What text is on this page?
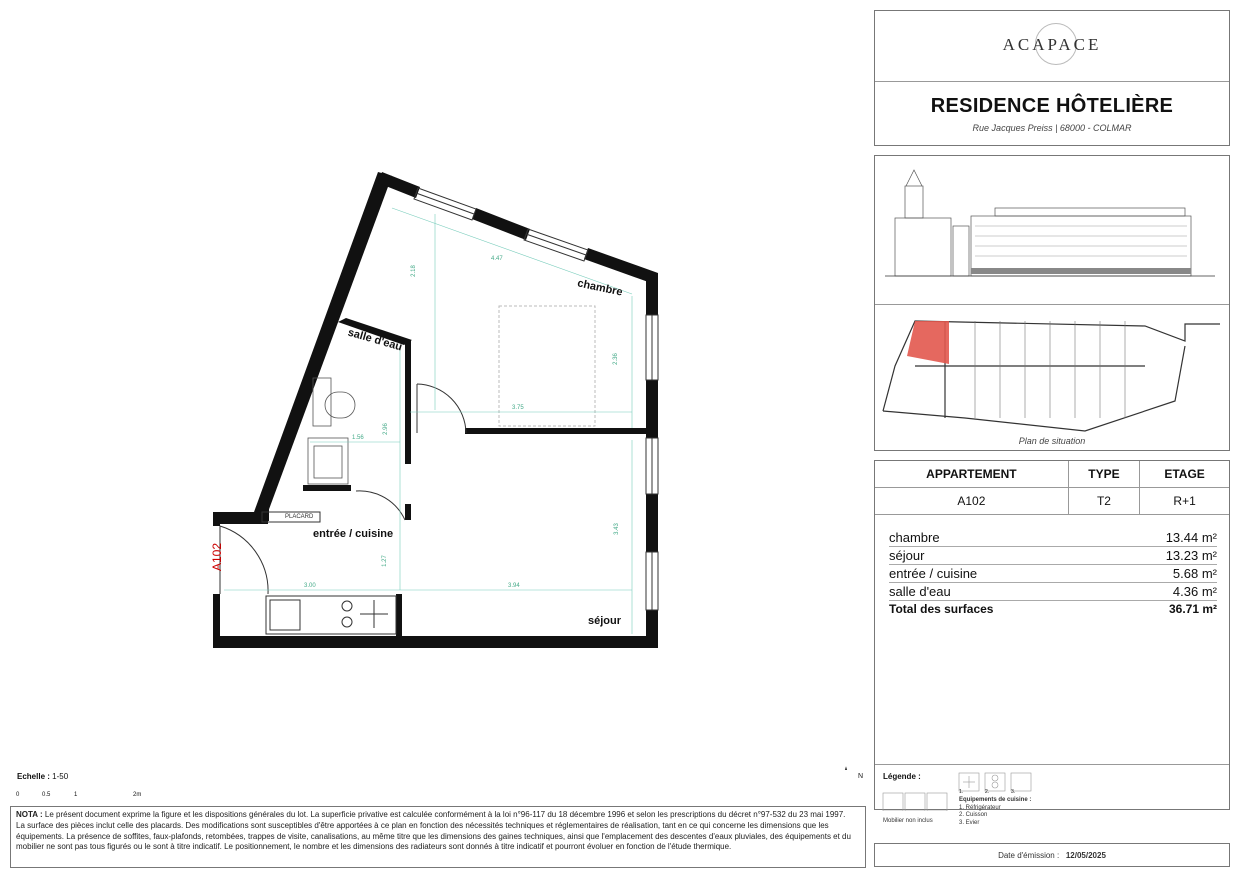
4.47
2.18
2.36
3.75
1.56
2.96
3.43
1.27
3.00	3.94
chambre
salle d'eau
entrée / cuisine
séjour
PLACARD
A102
N
Echelle : 1-50
0	0.5	1	2m
NOTA : Le présent document exprime la figure et les dispositions générales du lot. La superficie privative est calculée conformément à la loi n°96-117 du 18 décembre 1996 et selon les prescriptions du décret n°97-532 du 23 mai 1997. La surface des pièces inclut celle des placards. Des modifications sont susceptibles d'être apportées à ce plan en fonction des nécessités techniques et réglementaires de réalisation, tant en ce qui concerne les dimensions que les équipements. La présence de soffites, faux-plafonds, retombées, trappes de visite, canalisations, au même titre que les dimensions des gaines techniques, ainsi que l'emplacement des descentes d'eaux pluviales, des équipements et du mobilier ne sont pas tous figurés ou le sont à titre indicatif. Le positionnement, le nombre et les dimensions des radiateurs sont donnés à titre indicatif et pourront évoluer en fonction de l'étude thermique.
ACAPACE
RESIDENCE HÔTELIÈRE
Rue Jacques Preiss | 68000 - COLMAR
Plan de situation
APPARTEMENT	TYPE	ETAGE
A102	T2	R+1
chambre	13.44 m²
séjour	13.23 m²
entrée / cuisine	5.68 m²
salle d'eau	4.36 m²
Total des surfaces	36.71 m²
Légende :
1.	2.	3.
Mobilier non inclus
Equipements de cuisine :
1. Réfrigérateur
2. Cuisson
3. Evier
Date d'émission : 12/05/2025
